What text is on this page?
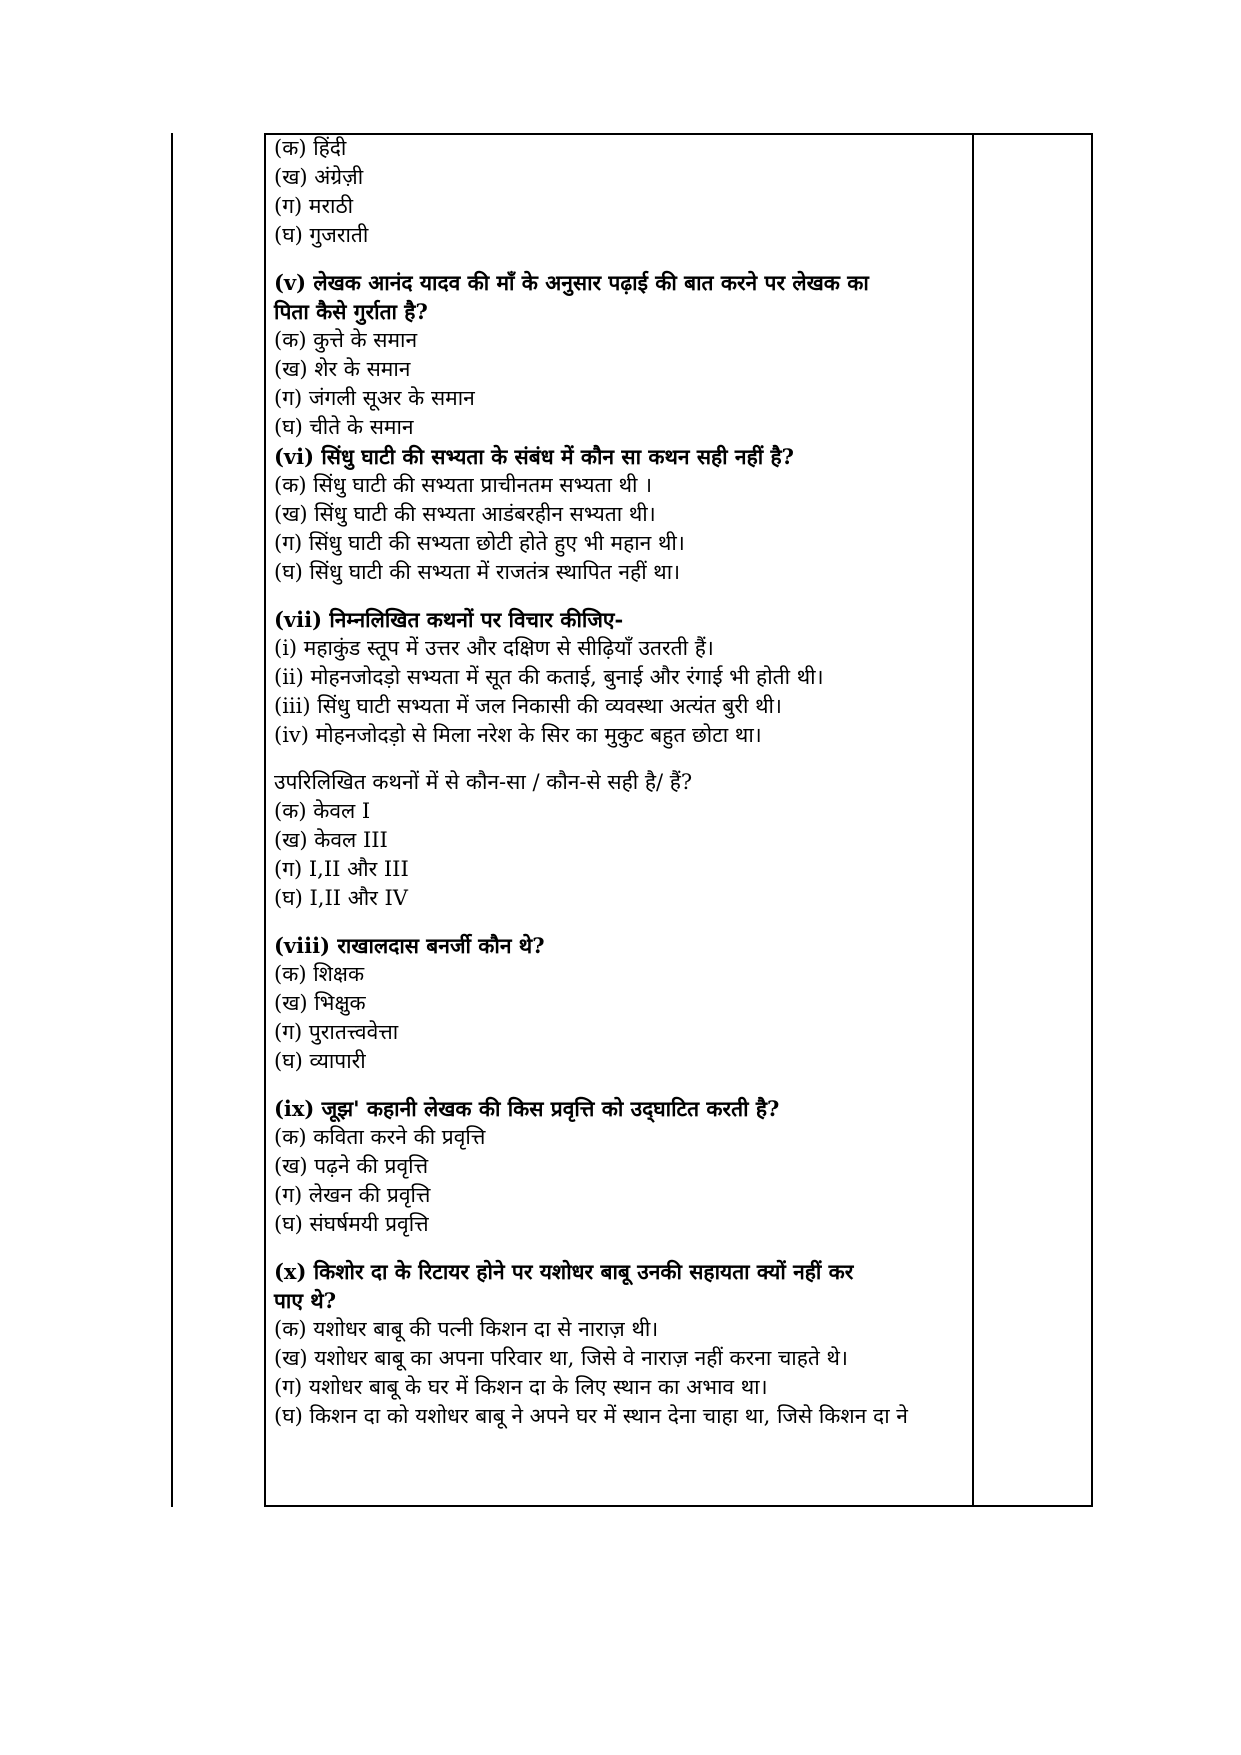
(क) हिंदी
(ख) अंग्रेज़ी
(ग) मराठी
(घ) गुजराती
(v) लेखक आनंद यादव की माँ के अनुसार पढ़ाई की बात करने पर लेखक का
पिता कैसे गुर्राता है?
(क) कुत्ते के समान
(ख) शेर के समान
(ग) जंगली सूअर के समान
(घ) चीते के समान
(vi) सिंधु घाटी की सभ्यता के संबंध में कौन सा कथन सही नहीं है?
(क) सिंधु घाटी की सभ्यता प्राचीनतम सभ्यता थी ।
(ख) सिंधु घाटी की सभ्यता आडंबरहीन सभ्यता थी।
(ग) सिंधु घाटी की सभ्यता छोटी होते हुए भी महान थी।
(घ) सिंधु घाटी की सभ्यता में राजतंत्र स्थापित नहीं था।
(vii) निम्नलिखित कथनों पर विचार कीजिए-
(i) महाकुंड स्तूप में उत्तर और दक्षिण से सीढ़ियाँ उतरती हैं।
(ii) मोहनजोदड़ो सभ्यता में सूत की कताई, बुनाई और रंगाई भी होती थी।
(iii) सिंधु घाटी सभ्यता में जल निकासी की व्यवस्था अत्यंत बुरी थी।
(iv) मोहनजोदड़ो से मिला नरेश के सिर का मुकुट बहुत छोटा था।
उपरिलिखित कथनों में से कौन-सा / कौन-से सही है/ हैं?
(क) केवल I
(ख) केवल III
(ग) I,II और III
(घ) I,II और IV
(viii) राखालदास बनर्जी कौन थे?
(क) शिक्षक
(ख) भिक्षुक
(ग) पुरातत्त्ववेत्ता
(घ) व्यापारी
(ix) जूझ' कहानी लेखक की किस प्रवृत्ति को उद्‌घाटित करती है?
(क) कविता करने की प्रवृत्ति
(ख) पढ़ने की प्रवृत्ति
(ग) लेखन की प्रवृत्ति
(घ) संघर्षमयी प्रवृत्ति
(x) किशोर दा के रिटायर होने पर यशोधर बाबू उनकी सहायता क्यों नहीं कर
पाए थे?
(क) यशोधर बाबू की पत्नी किशन दा से नाराज़ थी।
(ख) यशोधर बाबू का अपना परिवार था, जिसे वे नाराज़ नहीं करना चाहते थे।
(ग) यशोधर बाबू के घर में किशन दा के लिए स्थान का अभाव था।
(घ) किशन दा को यशोधर बाबू ने अपने घर में स्थान देना चाहा था, जिसे किशन दा ने
